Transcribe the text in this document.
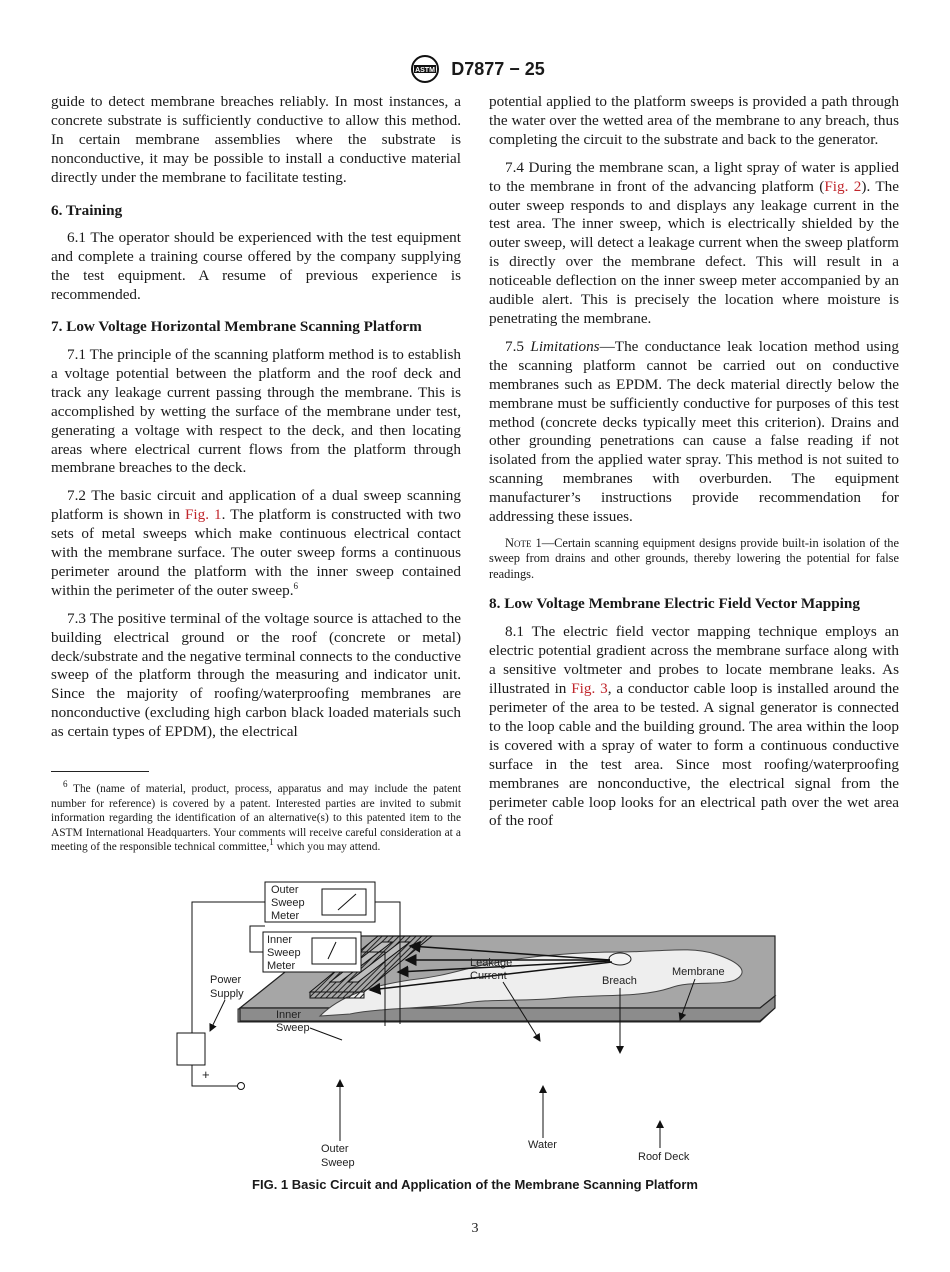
ASTM D7877 − 25

guide to detect membrane breaches reliably. In most instances, a concrete substrate is sufficiently conductive to allow this method. In certain membrane assemblies where the substrate is nonconductive, it may be possible to install a conductive material directly under the membrane to facilitate testing.

6. Training

6.1 The operator should be experienced with the test equipment and complete a training course offered by the company supplying the test equipment. A resume of previous experience is recommended.

7. Low Voltage Horizontal Membrane Scanning Platform

7.1 The principle of the scanning platform method is to establish a voltage potential between the platform and the roof deck and track any leakage current passing through the membrane. This is accomplished by wetting the surface of the membrane under test, generating a voltage with respect to the deck, and then locating areas where electrical current flows from the platform through membrane breaches to the deck.

7.2 The basic circuit and application of a dual sweep scanning platform is shown in Fig. 1. The platform is constructed with two sets of metal sweeps which make continuous electrical contact with the membrane surface. The outer sweep forms a continuous perimeter around the platform with the inner sweep contained within the perimeter of the outer sweep.$^6$

7.3 The positive terminal of the voltage source is attached to the building electrical ground or the roof (concrete or metal) deck/substrate and the negative terminal connects to the conductive sweep of the platform through the measuring and indicator unit. Since the majority of roofing/waterproofing membranes are nonconductive (excluding high carbon black loaded materials such as certain types of EPDM), the electrical

$^6$ The (name of material, product, process, apparatus and may include the patent number for reference) is covered by a patent. Interested parties are invited to submit information regarding the identification of an alternative(s) to this patented item to the ASTM International Headquarters. Your comments will receive careful consideration at a meeting of the responsible technical committee,$^1$ which you may attend.

potential applied to the platform sweeps is provided a path through the water over the wetted area of the membrane to any breach, thus completing the circuit to the substrate and back to the generator.

7.4 During the membrane scan, a light spray of water is applied to the membrane in front of the advancing platform (Fig. 2). The outer sweep responds to and displays any leakage current in the test area. The inner sweep, which is electrically shielded by the outer sweep, will detect a leakage current when the sweep platform is directly over the membrane defect. This will result in a noticeable deflection on the inner sweep meter accompanied by an audible alert. This is precisely the location where moisture is penetrating the membrane.

7.5 Limitations—The conductance leak location method using the scanning platform cannot be carried out on conductive membranes such as EPDM. The deck material directly below the membrane must be sufficiently conductive for purposes of this test method (concrete decks typically meet this criterion). Drains and other grounding penetrations can cause a false reading if not isolated from the applied water spray. This method is not suited to scanning membranes with overburden. The equipment manufacturer’s instructions provide recommendation for addressing these issues.

Note 1—Certain scanning equipment designs provide built-in isolation of the sweep from drains and other grounds, thereby lowering the potential for false readings.
8. Low Voltage Membrane Electric Field Vector Mapping

8.1 The electric field vector mapping technique employs an electric potential gradient across the membrane surface along with a sensitive voltmeter and probes to locate membrane leaks. As illustrated in Fig. 3, a conductor cable loop is installed around the perimeter of the area to be tested. A signal generator is connected to the loop cable and the building ground. The area within the loop is covered with a spray of water to form a continuous conductive surface in the test area. Since most roofing/waterproofing membranes are nonconductive, the electrical signal from the perimeter cable loop looks for an electrical path over the wet area of the roof

Outer
Sweep
Meter
Inner
Sweep
Meter
Power
Supply
+
Inner
Sweep
Leakage
Current	Breach
Membrane
Outer
Sweep
Water
Roof Deck
FIG. 1 Basic Circuit and Application of the Membrane Scanning Platform
3
